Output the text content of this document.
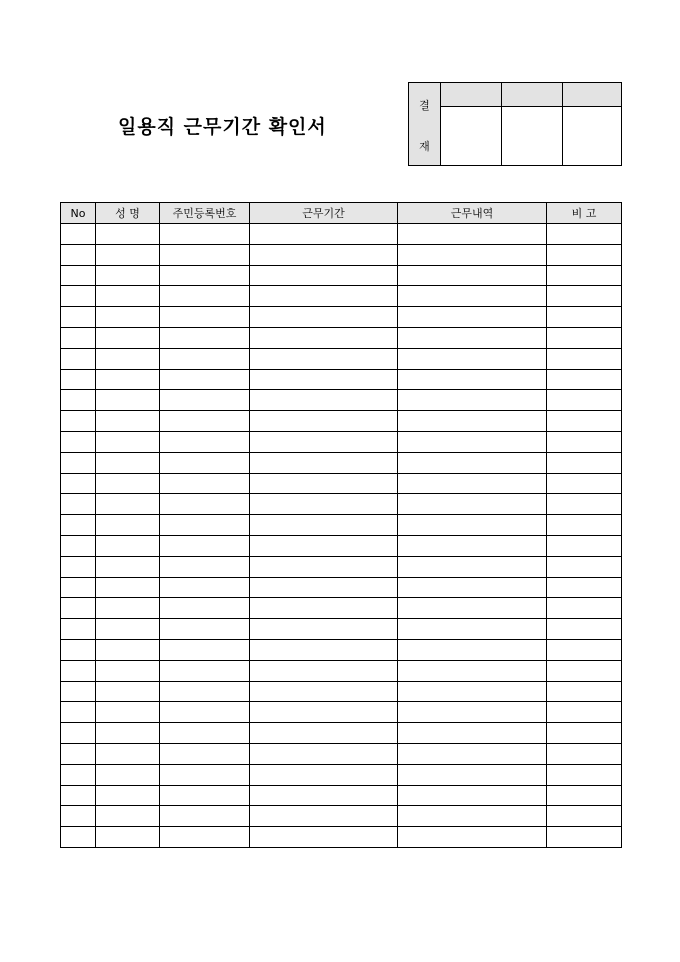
일용직 근무기간 확인서
결
재
No	성 명	주민등록번호	근무기간	근무내역	비 고
